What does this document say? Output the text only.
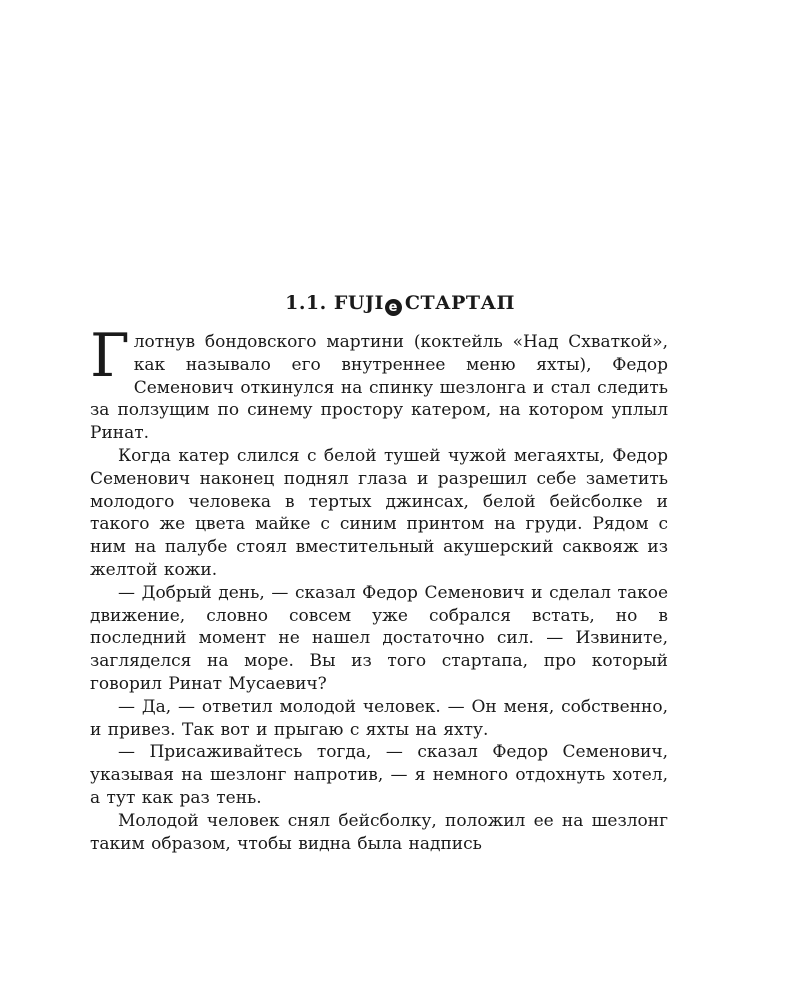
1.1. FUJI e СТАРТАП

Глотнув бондовского мартини (коктейль «Над Схваткой», как называло его внутреннее меню яхты), Федор Семенович откинулся на спинку шезлонга и стал следить за ползущим по синему простору катером, на котором уплыл Ринат.

Когда катер слился с белой тушей чужой мегаяхты, Федор Семенович наконец поднял глаза и разрешил себе заметить молодого человека в тертых джинсах, белой бейсболке и такого же цвета майке с синим принтом на груди. Рядом с ним на палубе стоял вместительный акушерский саквояж из желтой кожи.

— Добрый день, — сказал Федор Семенович и сделал такое движение, словно совсем уже собрался встать, но в последний момент не нашел достаточно сил. — Извините, загляделся на море. Вы из того стартапа, про который говорил Ринат Мусаевич?

— Да, — ответил молодой человек. — Он меня, собственно, и привез. Так вот и прыгаю с яхты на яхту.

— Присаживайтесь тогда, — сказал Федор Семенович, указывая на шезлонг напротив, — я немного отдохнуть хотел, а тут как раз тень.

Молодой человек снял бейсболку, положил ее на шезлонг таким образом, чтобы видна была надпись
